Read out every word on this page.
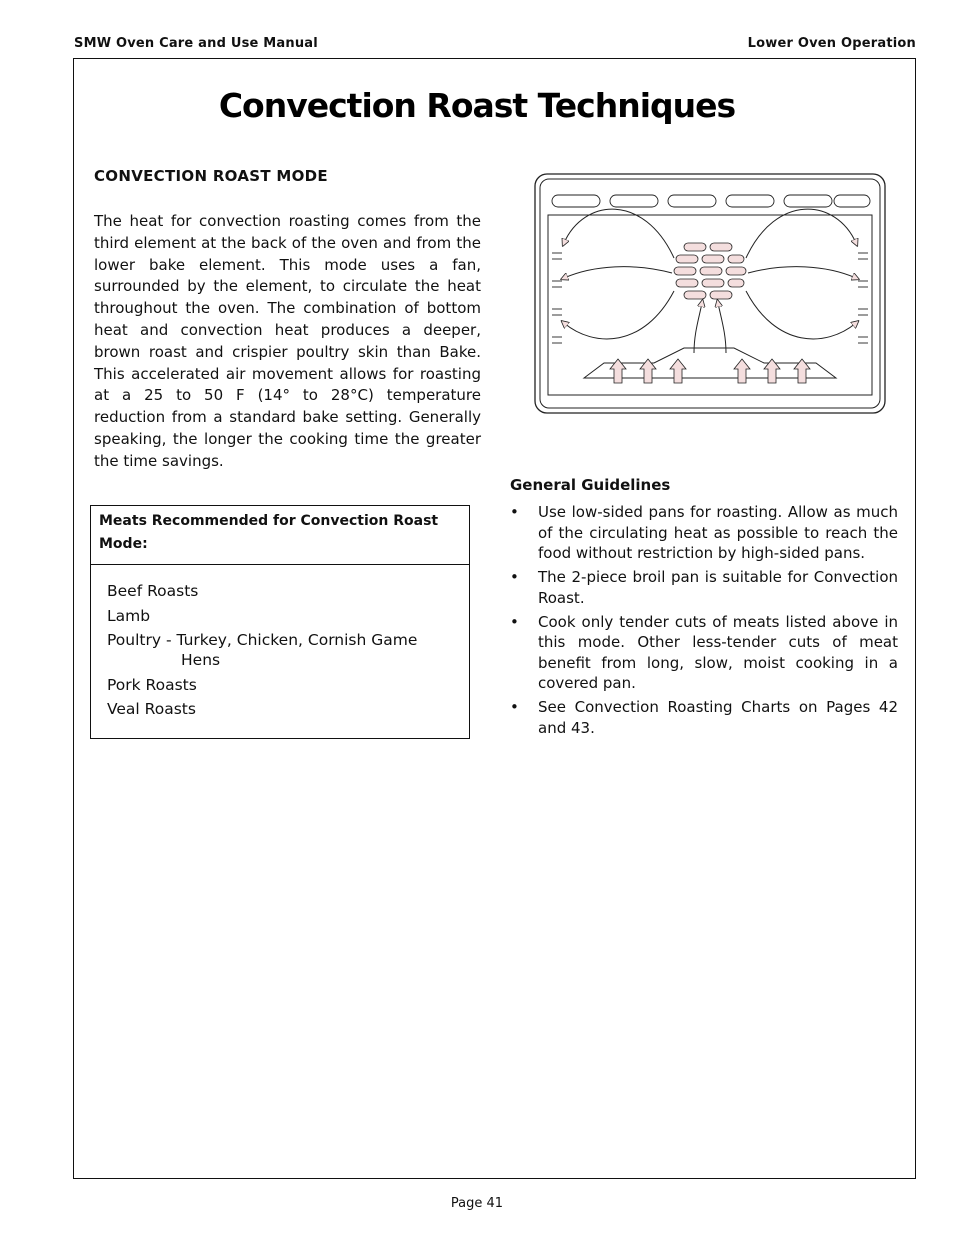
SMW Oven Care and Use Manual	Lower Oven Operation
Convection Roast Techniques
CONVECTION ROAST MODE

The heat for convection roasting comes from the third element at the back of the oven and from the lower bake element. This mode uses a fan, surrounded by the element, to circulate the heat throughout the oven. The combination of bottom heat and convection heat produces a deeper, brown roast and crispier poultry skin than Bake. This accelerated air movement allows for roasting at a 25 to 50 F (14° to 28°C) temperature reduction from a standard bake setting. Generally speaking, the longer the cooking time the greater the time savings.

Meats Recommended for Convection Roast Mode:
Beef Roasts
Lamb
Poultry - Turkey, Chicken, Cornish Game
Hens
Pork Roasts
Veal Roasts
General Guidelines
• Use low-sided pans for roasting. Allow as much of the circulating heat as possible to reach the food without restriction by high-sided pans.
• The 2-piece broil pan is suitable for Convection Roast.
• Cook only tender cuts of meats listed above in this mode. Other less-tender cuts of meat benefit from long, slow, moist cooking in a covered pan.
• See Convection Roasting Charts on Pages 42 and 43.
Page 41
